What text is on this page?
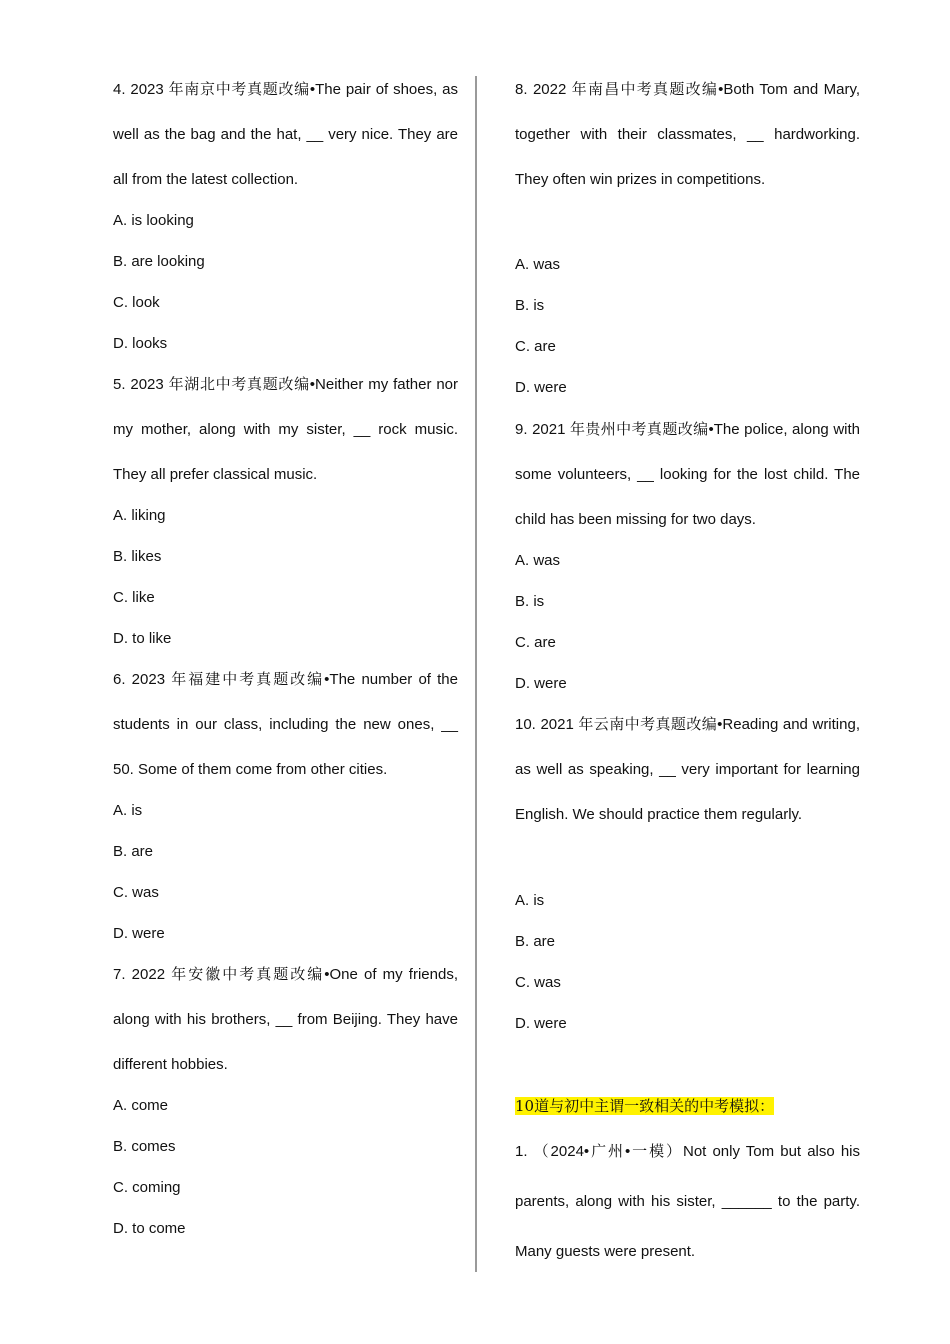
4. 2023 年南京中考真题改编•The pair of shoes, as well as the bag and the hat, __ very nice. They are all from the latest collection.

A. is looking

B. are looking

C. look

D. looks

5. 2023 年湖北中考真题改编•Neither my father nor my mother, along with my sister, __ rock music. They all prefer classical music.

A. liking

B. likes

C. like

D. to like

6. 2023 年福建中考真题改编•The number of the students in our class, including the new ones, __ 50. Some of them come from other cities.

A. is

B. are

C. was

D. were

7. 2022 年安徽中考真题改编•One of my friends, along with his brothers, __ from Beijing. They have different hobbies.

A. come

B. comes

C. coming

D. to come

8. 2022 年南昌中考真题改编•Both Tom and Mary, together with their classmates, __ hardworking. They often win prizes in competitions.

A. was

B. is

C. are

D. were

9. 2021 年贵州中考真题改编•The police, along with some volunteers, __ looking for the lost child. The child has been missing for two days.

A. was

B. is

C. are

D. were

10. 2021 年云南中考真题改编•Reading and writing, as well as speaking, __ very important for learning English. We should practice them regularly.

A. is

B. are

C. was

D. were

10道与初中主谓一致相关的中考模拟：

1. （2024•广州•一模）Not only Tom but also his parents, along with his sister, ______ to the party. Many guests were present.
